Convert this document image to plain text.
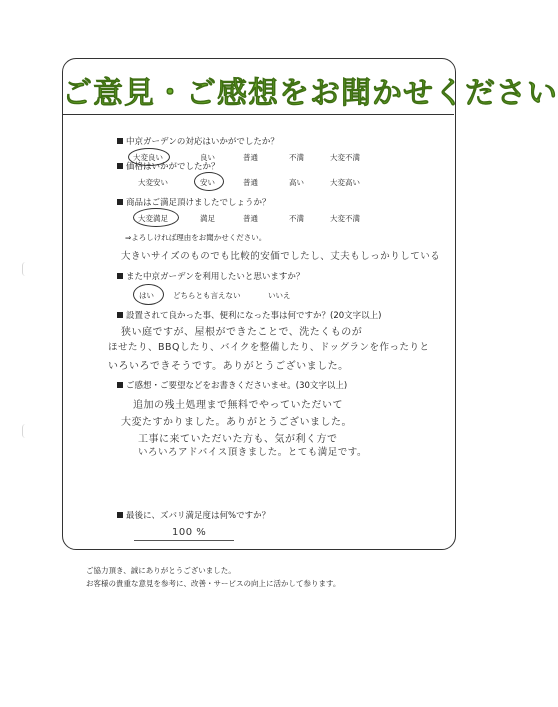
ご意見・ご感想をお聞かせください
中京ガーデンの対応はいかがでしたか？
大変良い	良い	普通	不満	大変不満
価格はいかがでしたか？
大変安い	安い	普通	高い	大変高い
商品はご満足頂けましたでしょうか？
大変満足	満足	普通	不満	大変不満
⇒よろしければ理由をお聞かせください。
大きいサイズのものでも比較的安価でしたし、丈夫もしっかりしている
また中京ガーデンを利用したいと思いますか？
はい	どちらとも言えない	いいえ
設置されて良かった事、便利になった事は何ですか？(20文字以上)
狭い庭ですが、屋根ができたことで、洗たくものが
ほせたり、BBQしたり、バイクを整備したり、ドッグランを作ったりと
いろいろできそうです。ありがとうございました。
ご感想・ご要望などをお書きくださいませ。(30文字以上)
追加の残土処理まで無料でやっていただいて
大変たすかりました。ありがとうございました。
工事に来ていただいた方も、気が利く方で
いろいろアドバイス頂きました。とても満足です。
最後に、ズバリ満足度は何%ですか？
100 %
ご協力頂き、誠にありがとうございました。
お客様の貴重な意見を参考に、改善・サービスの向上に活かして参ります。
